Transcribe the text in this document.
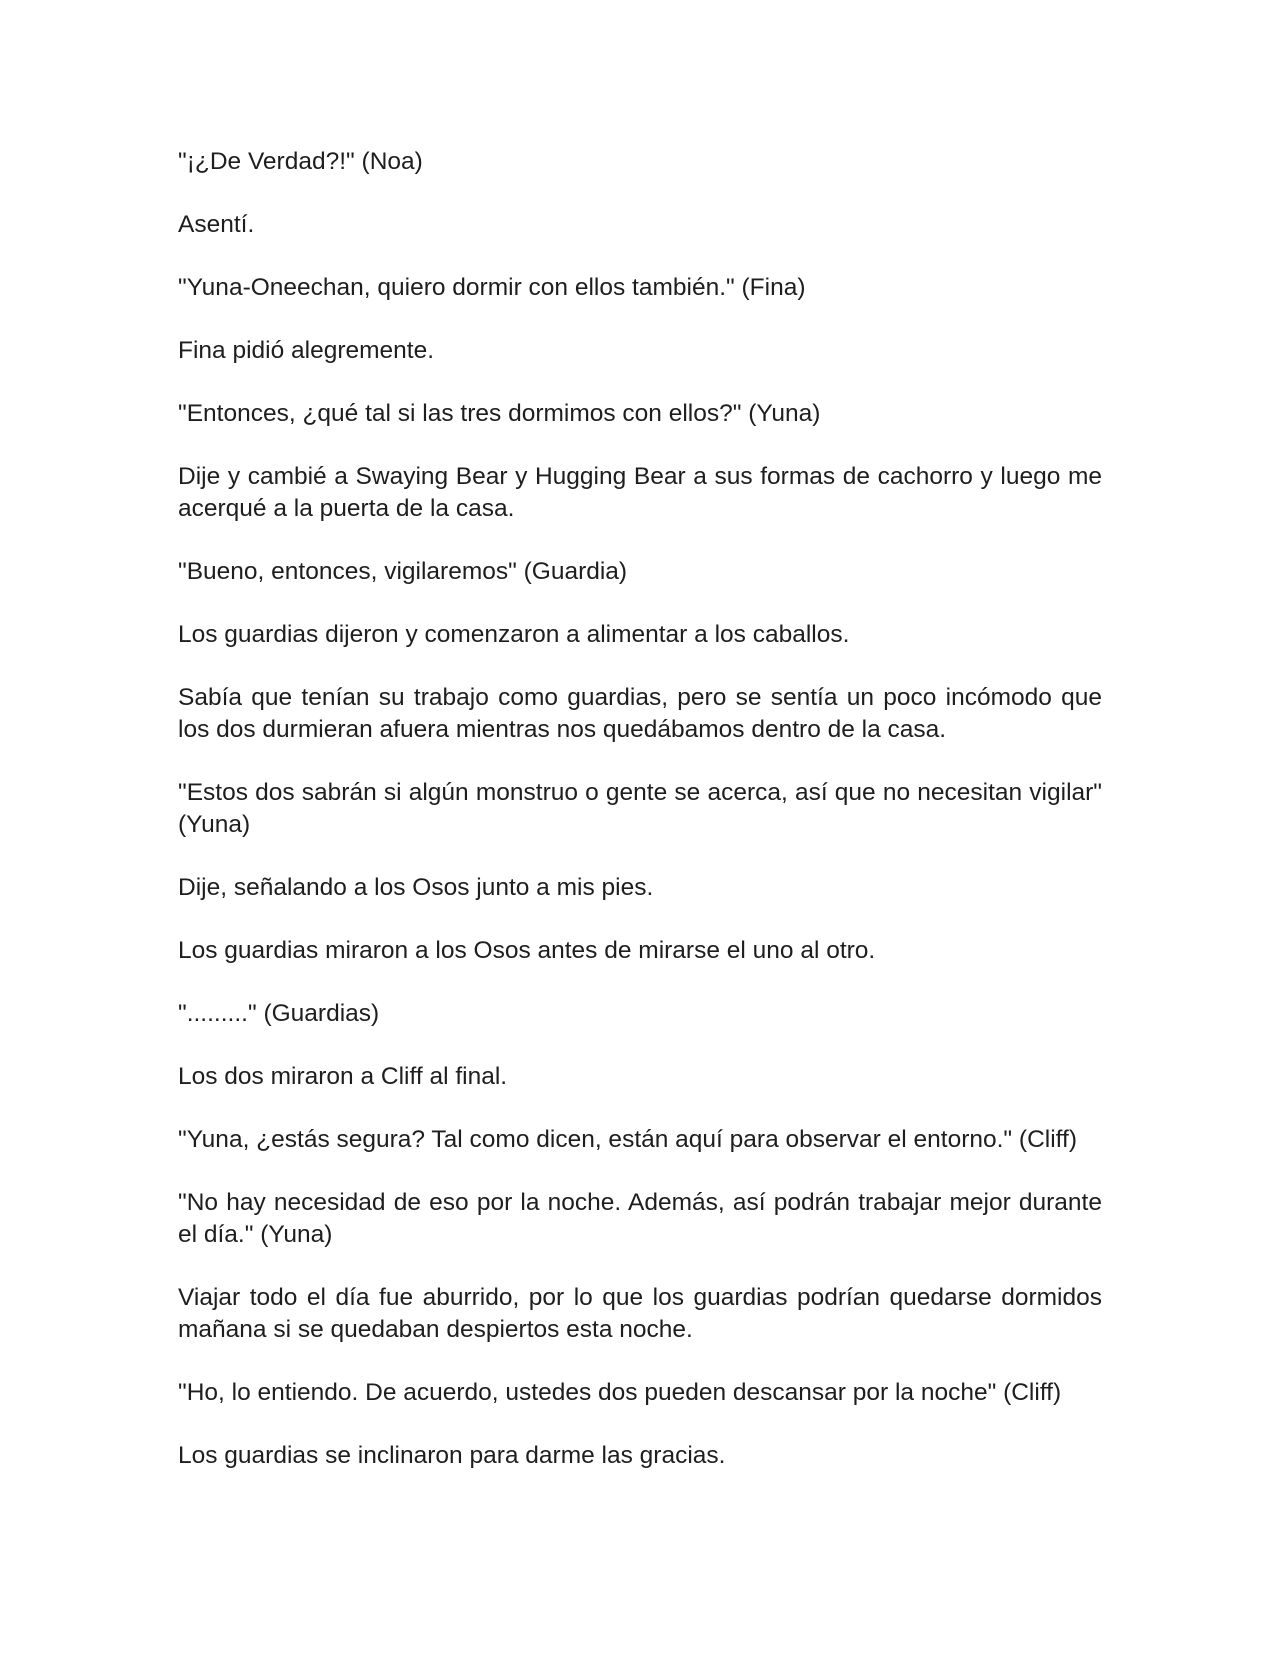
"¡¿De Verdad?!" (Noa)

Asentí.

"Yuna-Oneechan, quiero dormir con ellos también." (Fina)

Fina pidió alegremente.

"Entonces, ¿qué tal si las tres dormimos con ellos?" (Yuna)

Dije y cambié a Swaying Bear y Hugging Bear a sus formas de cachorro y luego me acerqué a la puerta de la casa.

"Bueno, entonces, vigilaremos" (Guardia)

Los guardias dijeron y comenzaron a alimentar a los caballos.

Sabía que tenían su trabajo como guardias, pero se sentía un poco incómodo que los dos durmieran afuera mientras nos quedábamos dentro de la casa.

"Estos dos sabrán si algún monstruo o gente se acerca, así que no necesitan vigilar" (Yuna)

Dije, señalando a los Osos junto a mis pies.

Los guardias miraron a los Osos antes de mirarse el uno al otro.

"........." (Guardias)

Los dos miraron a Cliff al final.

"Yuna, ¿estás segura? Tal como dicen, están aquí para observar el entorno." (Cliff)

"No hay necesidad de eso por la noche. Además, así podrán trabajar mejor durante el día." (Yuna)

Viajar todo el día fue aburrido, por lo que los guardias podrían quedarse dormidos mañana si se quedaban despiertos esta noche.

"Ho, lo entiendo. De acuerdo, ustedes dos pueden descansar por la noche" (Cliff)

Los guardias se inclinaron para darme las gracias.
